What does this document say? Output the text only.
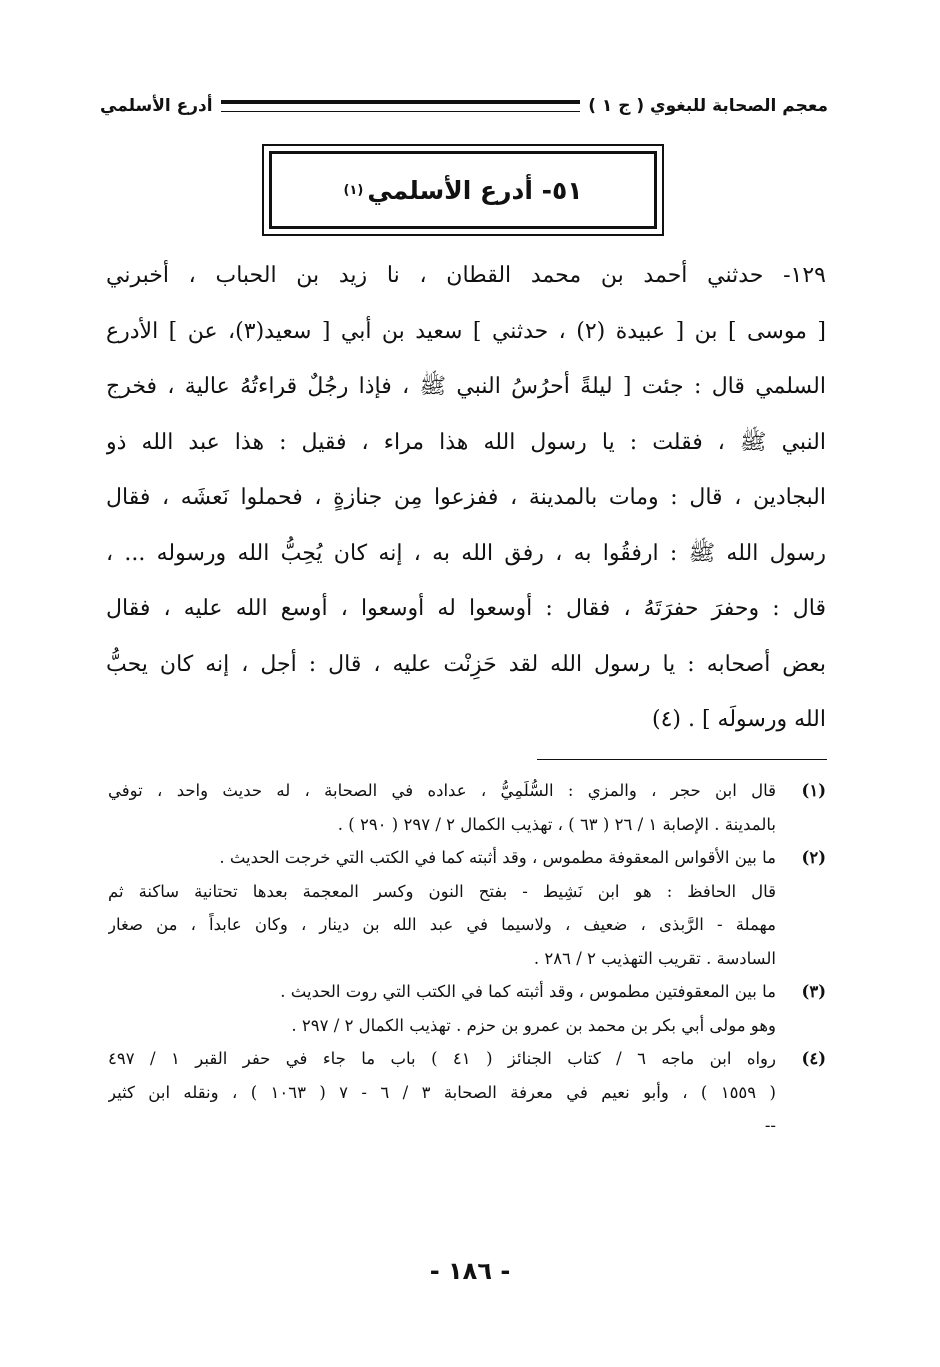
معجم الصحابة للبغوي ( ج ١ )
أدرع الأسلمي
٥١- أدرع الأسلمي
(١)
١٢٩- حدثني أحمد بن محمد القطان ، نا زيد بن الحباب ، أخبرني
[ موسى ] بن [ عبيدة (٢) ، حدثني ] سعيد بن أبي [ سعيد(٣)، عن ] الأدرع
السلمي قال : جئت [ ليلةً أحرُسُ النبي ﷺ ، فإذا رجُلٌ قراءتُهُ عالية ، فخرج
النبي ﷺ ، فقلت : يا رسول الله هذا مراء ، فقيل : هذا عبد الله ذو
البجادين ، قال : ومات بالمدينة ، ففزعوا مِن جنازةٍ ، فحملوا نَعشَه ، فقال
رسول الله ﷺ : ارفقُوا به ، رفق الله به ، إنه كان يُحِبُّ الله ورسوله ... ،
قال : وحفرَ حفرَتَهُ ، فقال : أوسعوا له أوسعوا ، أوسع الله عليه ، فقال
بعض أصحابه : يا رسول الله لقد حَزِنْت عليه ، قال : أجل ، إنه كان يحبُّ
الله ورسولَه ] . (٤)
(١)
قال ابن حجر ، والمزي : السُّلَمِيُّ ، عداده في الصحابة ، له حديث واحد ، توفي
بالمدينة . الإصابة ١ / ٢٦ ( ٦٣ ) ، تهذيب الكمال ٢ / ٢٩٧ ( ٢٩٠ ) .
(٢)
ما بين الأقواس المعقوفة مطموس ، وقد أثبته كما في الكتب التي خرجت الحديث .
قال الحافظ : هو ابن نَشِيط - بفتح النون وكسر المعجمة بعدها تحتانية ساكنة ثم
مهملة - الرَّبذى ، ضعيف ، ولاسيما في عبد الله بن دينار ، وكان عابداً ، من صغار
السادسة . تقريب التهذيب ٢ / ٢٨٦ .
(٣)
ما بين المعقوفتين مطموس ، وقد أثبته كما في الكتب التي روت الحديث .
وهو مولى أبي بكر بن محمد بن عمرو بن حزم . تهذيب الكمال ٢ / ٢٩٧ .
(٤)
رواه ابن ماجه ٦ / كتاب الجنائز ( ٤١ ) باب ما جاء في حفر القبر ١ / ٤٩٧
( ١٥٥٩ ) ، وأبو نعيم في معرفة الصحابة ٣ / ٦ - ٧ ( ١٠٦٣ ) ، ونقله ابن كثير
--
- ١٨٦ -
